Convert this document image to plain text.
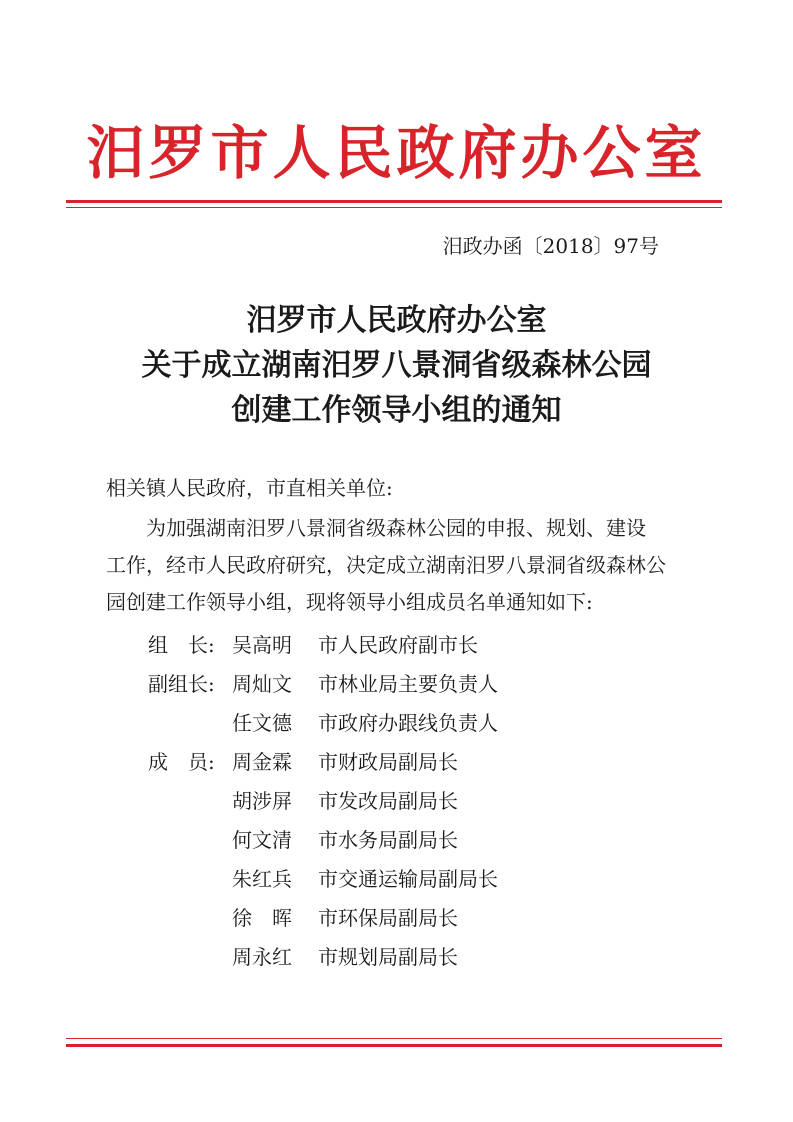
汨罗市人民政府办公室
汨政办函〔2018〕97号
汨罗市人民政府办公室
关于成立湖南汨罗八景洞省级森林公园
创建工作领导小组的通知
相关镇人民政府，市直相关单位:
为加强湖南汨罗八景洞省级森林公园的申报、规划、建设
工作，经市人民政府研究，决定成立湖南汨罗八景洞省级森林公
园创建工作领导小组，现将领导小组成员名单通知如下:
组　长: 吴高明	市人民政府副市长
副组长: 周灿文	市林业局主要负责人
任文德	市政府办跟线负责人
成　员: 周金霖	市财政局副局长
胡涉屏	市发改局副局长
何文清	市水务局副局长
朱红兵	市交通运输局副局长
徐　晖	市环保局副局长
周永红	市规划局副局长
